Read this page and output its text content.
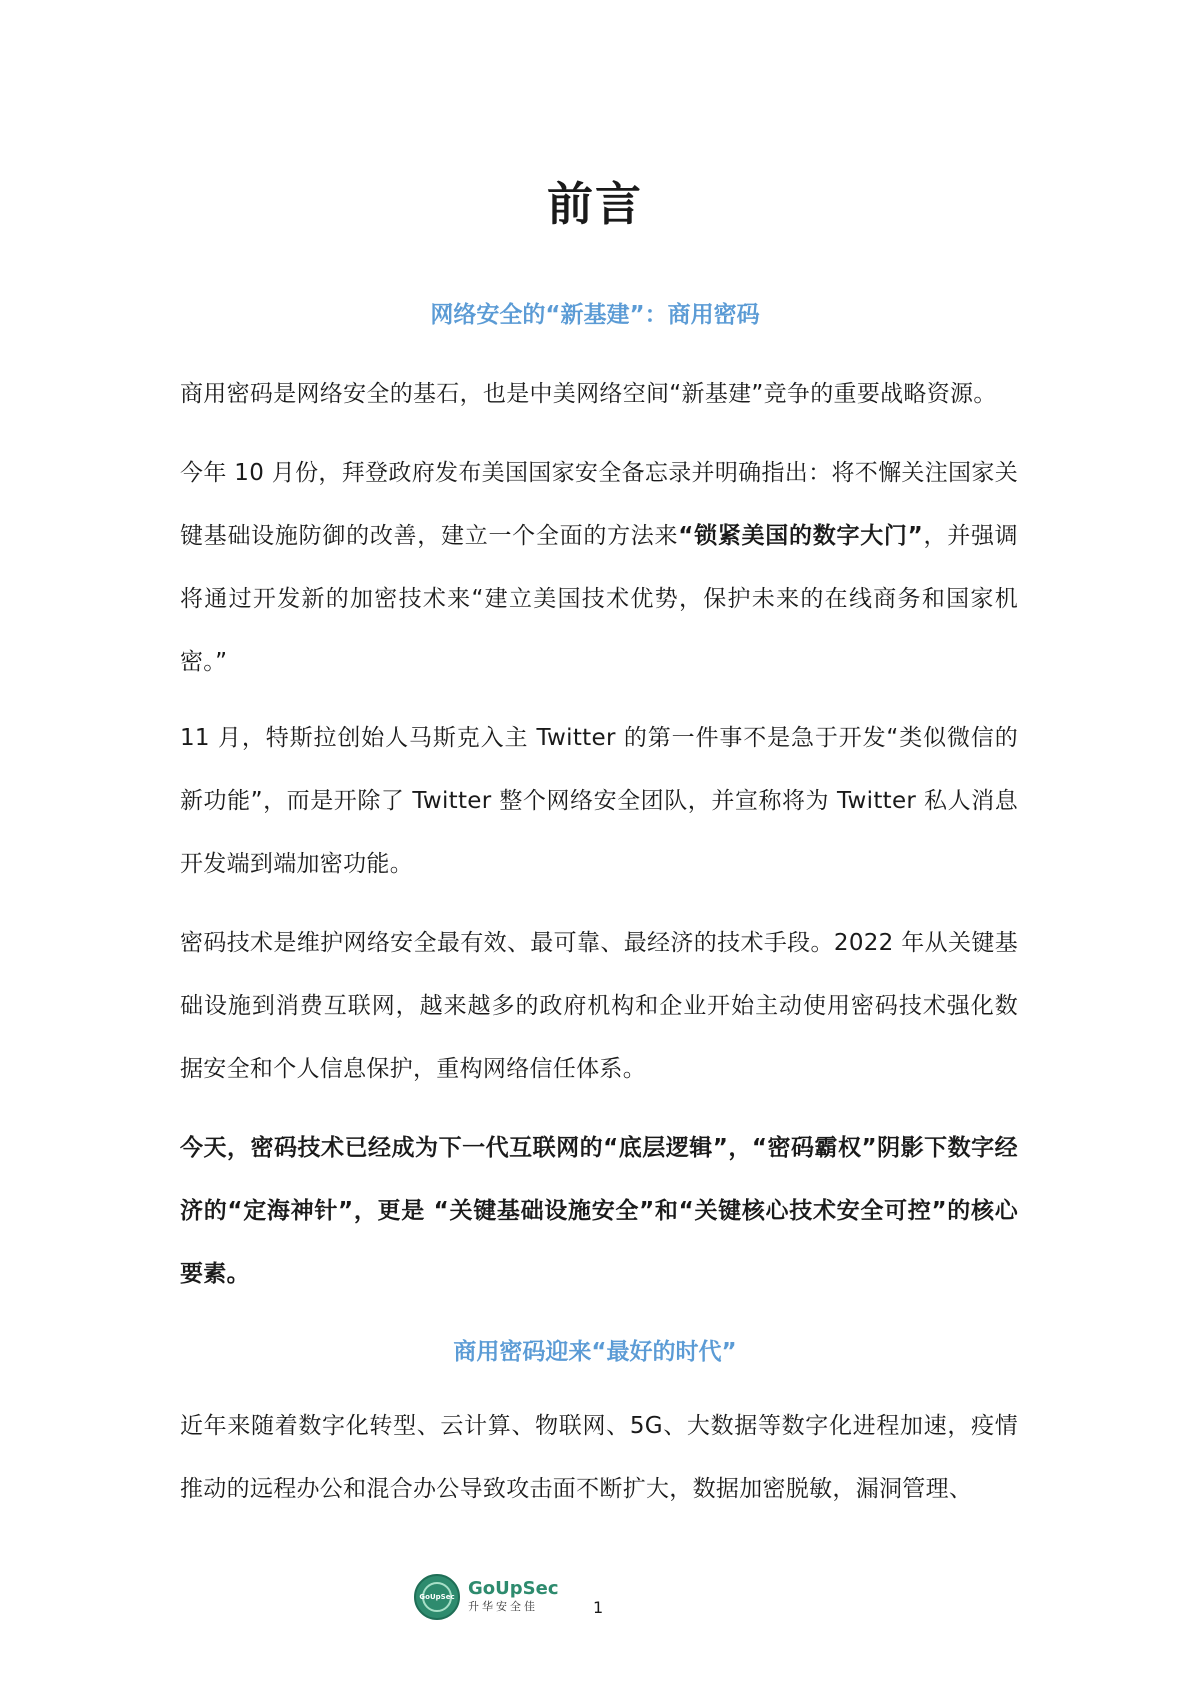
前言
网络安全的“新基建”：商用密码

商用密码是网络安全的基石，也是中美网络空间“新基建”竞争的重要战略资源。

今年 10 月份，拜登政府发布美国国家安全备忘录并明确指出：将不懈关注国家关键基础设施防御的改善，建立一个全面的方法来“锁紧美国的数字大门”，并强调将通过开发新的加密技术来“建立美国技术优势，保护未来的在线商务和国家机密。”

11 月，特斯拉创始人马斯克入主 Twitter 的第一件事不是急于开发“类似微信的新功能”，而是开除了 Twitter 整个网络安全团队，并宣称将为 Twitter 私人消息开发端到端加密功能。

密码技术是维护网络安全最有效、最可靠、最经济的技术手段。2022 年从关键基础设施到消费互联网，越来越多的政府机构和企业开始主动使用密码技术强化数据安全和个人信息保护，重构网络信任体系。

今天，密码技术已经成为下一代互联网的“底层逻辑”，“密码霸权”阴影下数字经济的“定海神针”，更是 “关键基础设施安全”和“关键核心技术安全可控”的核心要素。

商用密码迎来“最好的时代”

近年来随着数字化转型、云计算、物联网、5G、大数据等数字化进程加速，疫情推动的远程办公和混合办公导致攻击面不断扩大，数据加密脱敏，漏洞管理、

GoUpSec GoUpSec
升华安全佳	1
